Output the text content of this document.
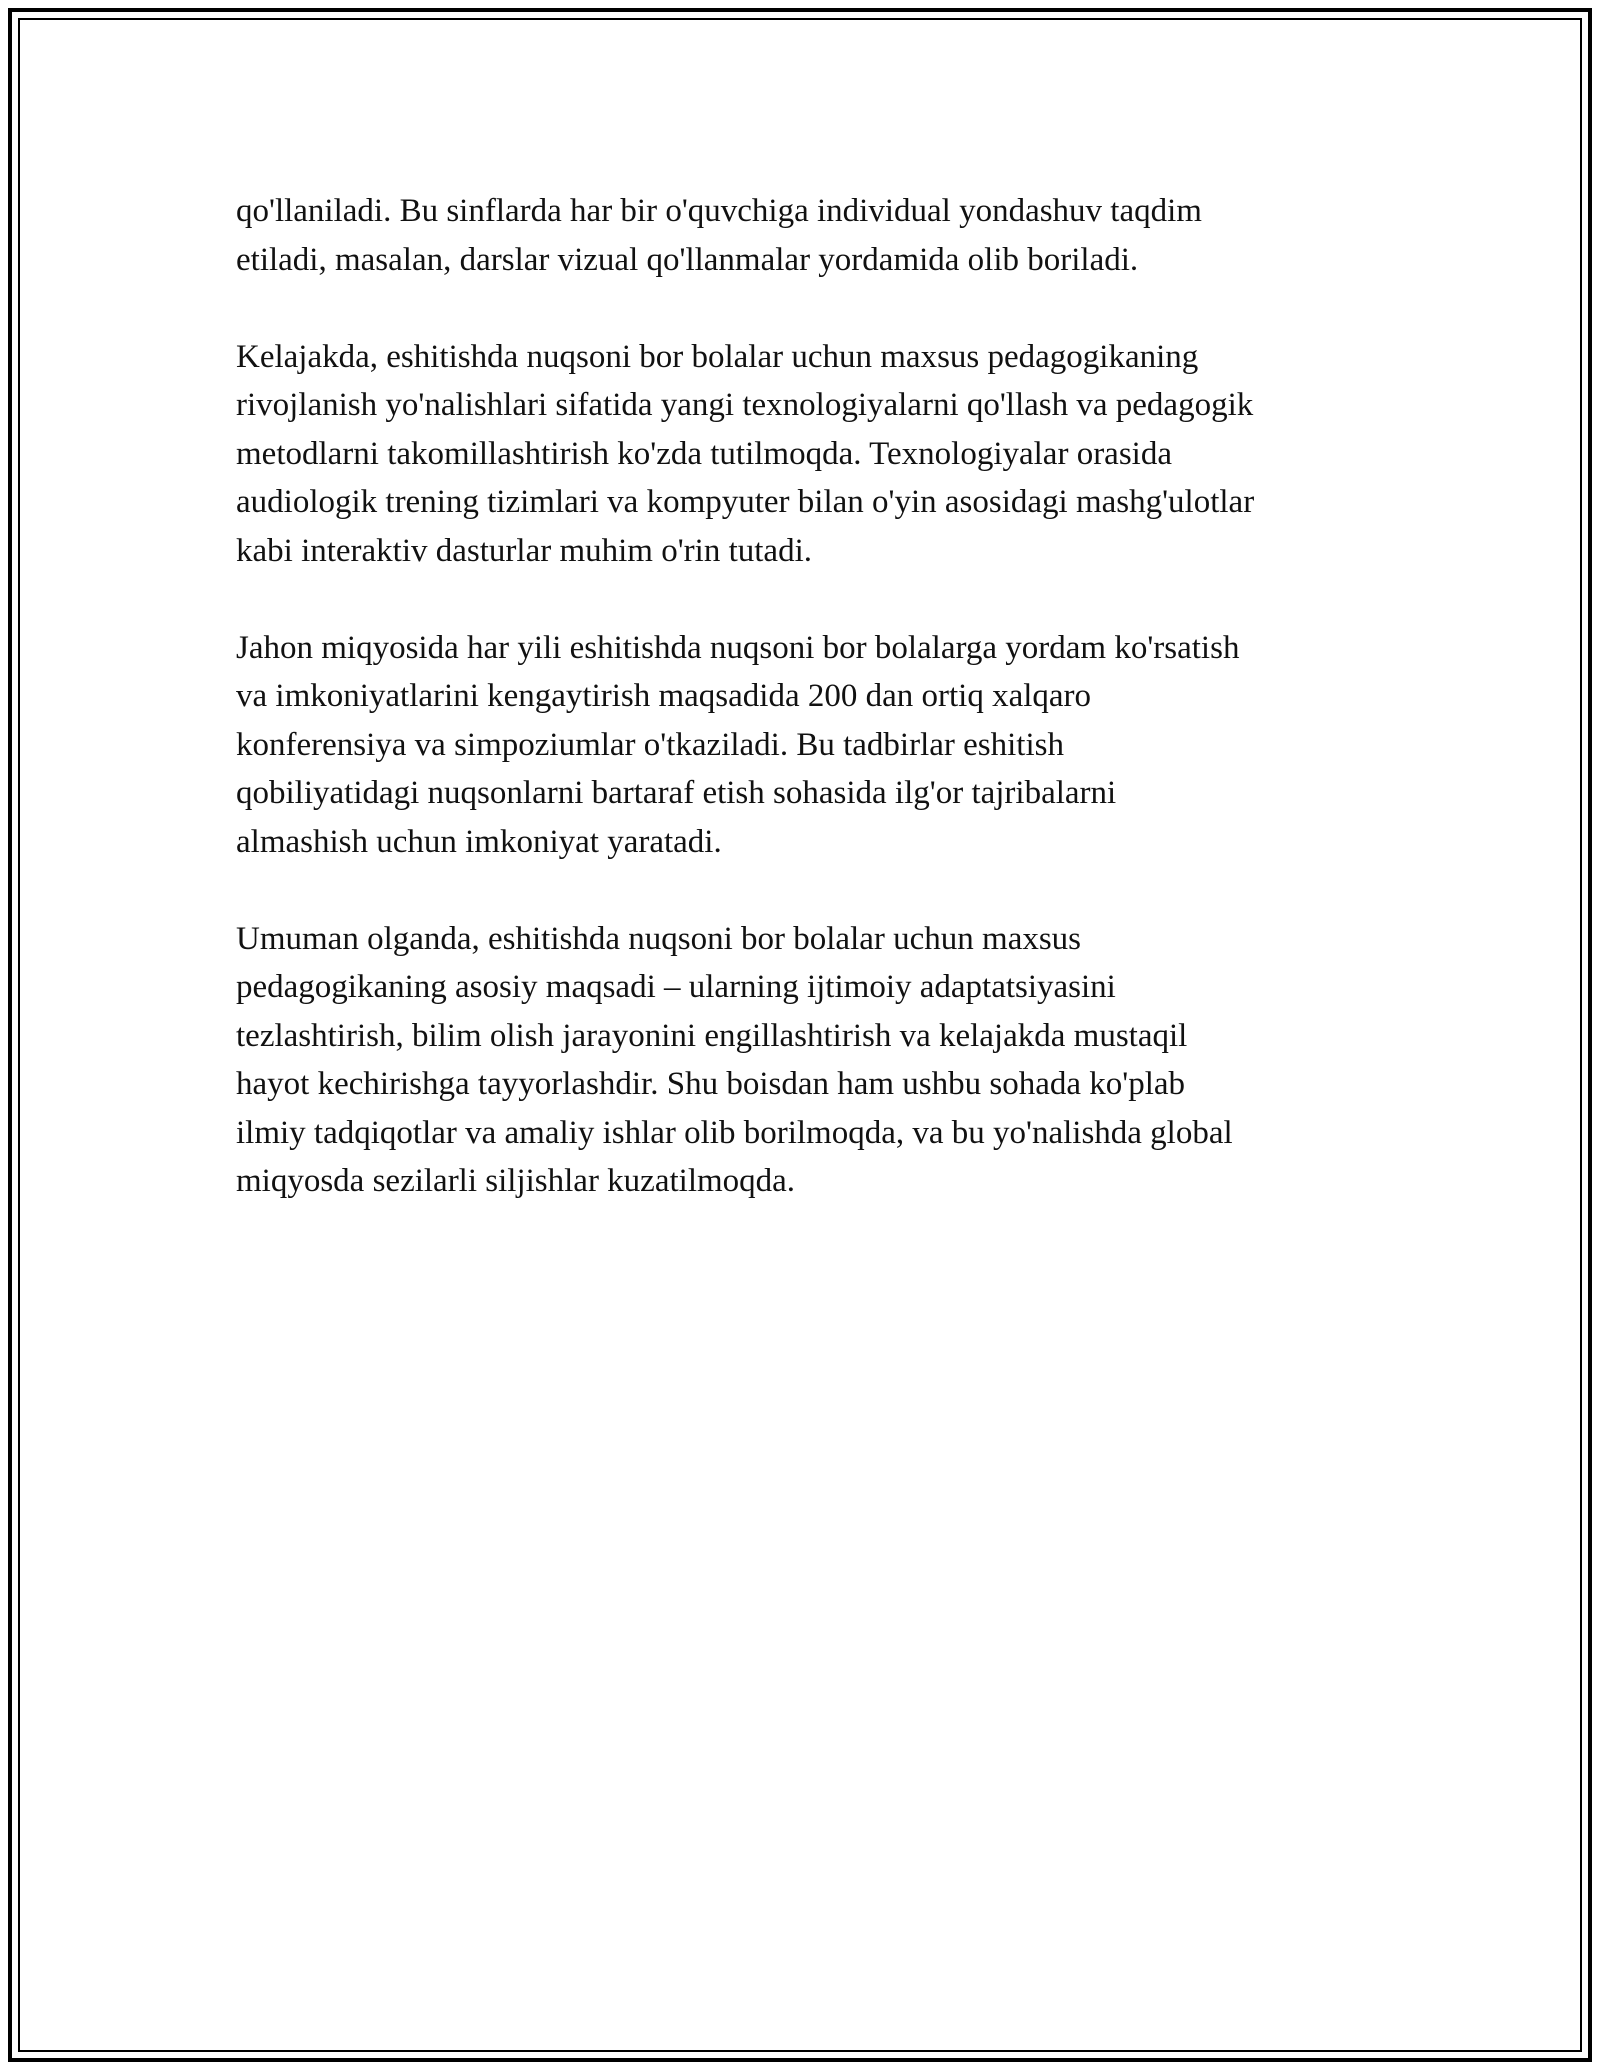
qo'llaniladi. Bu sinflarda har bir o'quvchiga individual yondashuv taqdim
etiladi, masalan, darslar vizual qo'llanmalar yordamida olib boriladi.

Kelajakda, eshitishda nuqsoni bor bolalar uchun maxsus pedagogikaning
rivojlanish yo'nalishlari sifatida yangi texnologiyalarni qo'llash va pedagogik
metodlarni takomillashtirish ko'zda tutilmoqda. Texnologiyalar orasida
audiologik trening tizimlari va kompyuter bilan o'yin asosidagi mashg'ulotlar
kabi interaktiv dasturlar muhim o'rin tutadi.

Jahon miqyosida har yili eshitishda nuqsoni bor bolalarga yordam ko'rsatish
va imkoniyatlarini kengaytirish maqsadida 200 dan ortiq xalqaro
konferensiya va simpoziumlar o'tkaziladi. Bu tadbirlar eshitish
qobiliyatidagi nuqsonlarni bartaraf etish sohasida ilg'or tajribalarni
almashish uchun imkoniyat yaratadi.

Umuman olganda, eshitishda nuqsoni bor bolalar uchun maxsus
pedagogikaning asosiy maqsadi – ularning ijtimoiy adaptatsiyasini
tezlashtirish, bilim olish jarayonini engillashtirish va kelajakda mustaqil
hayot kechirishga tayyorlashdir. Shu boisdan ham ushbu sohada ko'plab
ilmiy tadqiqotlar va amaliy ishlar olib borilmoqda, va bu yo'nalishda global
miqyosda sezilarli siljishlar kuzatilmoqda.
